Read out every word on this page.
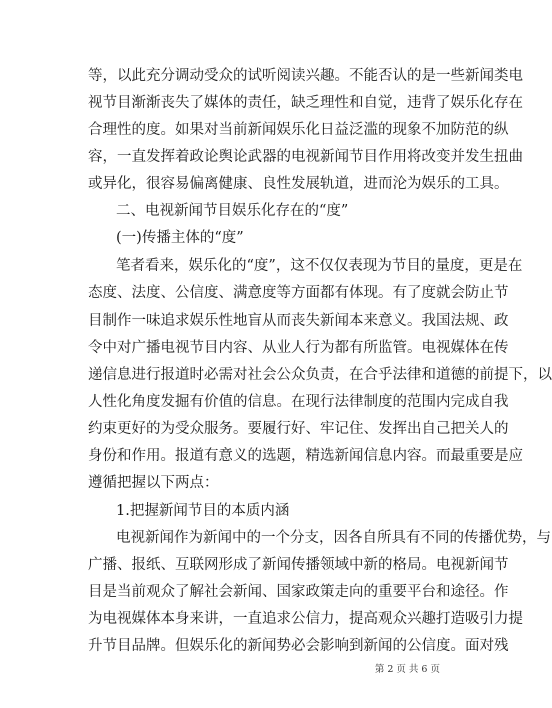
等，以此充分调动受众的试听阅读兴趣。不能否认的是一些新闻类电
视节目渐渐丧失了媒体的责任，缺乏理性和自觉，违背了娱乐化存在
合理性的度。如果对当前新闻娱乐化日益泛滥的现象不加防范的纵
容，一直发挥着政论舆论武器的电视新闻节目作用将改变并发生扭曲
或异化，很容易偏离健康、良性发展轨道，进而沦为娱乐的工具。
二、电视新闻节目娱乐化存在的“度”
(一)传播主体的“度”
笔者看来，娱乐化的“度”，这不仅仅表现为节目的量度，更是在
态度、法度、公信度、满意度等方面都有体现。有了度就会防止节
目制作一味追求娱乐性地盲从而丧失新闻本来意义。我国法规、政
令中对广播电视节目内容、从业人行为都有所监管。电视媒体在传
递信息进行报道时必需对社会公众负责，在合乎法律和道德的前提下，以
人性化角度发掘有价值的信息。在现行法律制度的范围内完成自我
约束更好的为受众服务。要履行好、牢记住、发挥出自己把关人的
身份和作用。报道有意义的选题，精选新闻信息内容。而最重要是应
遵循把握以下两点：
1.把握新闻节目的本质内涵
电视新闻作为新闻中的一个分支，因各自所具有不同的传播优势，与
广播、报纸、互联网形成了新闻传播领域中新的格局。电视新闻节
目是当前观众了解社会新闻、国家政策走向的重要平台和途径。作
为电视媒体本身来讲，一直追求公信力，提高观众兴趣打造吸引力提
升节目品牌。但娱乐化的新闻势必会影响到新闻的公信度。面对残
第 2 页 共 6 页
